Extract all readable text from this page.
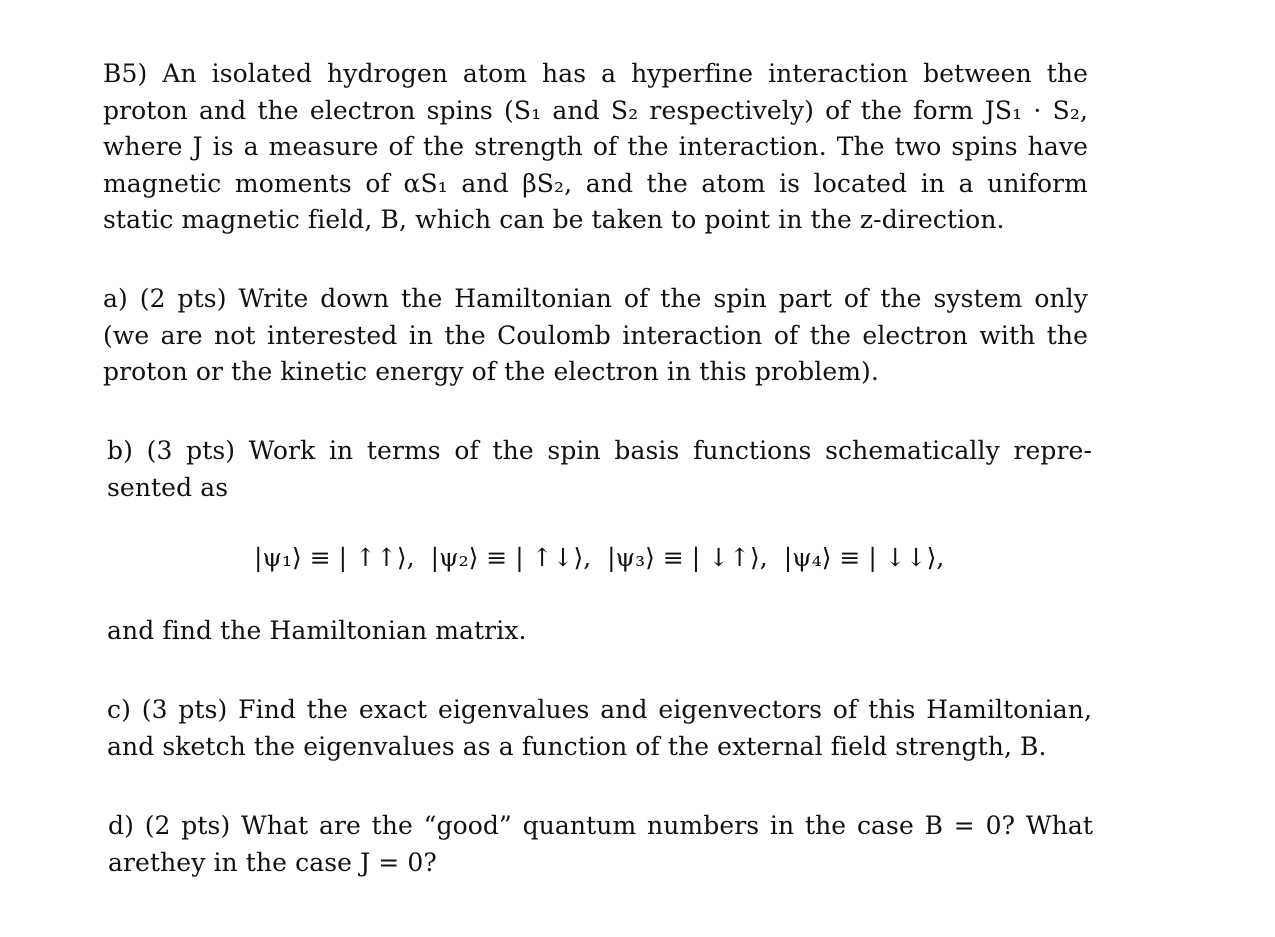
B5) An isolated hydrogen atom has a hyperfine interaction between the
proton and the electron spins (S₁ and S₂ respectively) of the form JS₁ · S₂,
where J is a measure of the strength of the interaction. The two spins have
magnetic moments of αS₁ and βS₂, and the atom is located in a uniform
static magnetic field, B, which can be taken to point in the z-direction.
a) (2 pts) Write down the Hamiltonian of the spin part of the system only
(we are not interested in the Coulomb interaction of the electron with the
proton or the kinetic energy of the electron in this problem).
b) (3 pts) Work in terms of the spin basis functions schematically repre-
sented as
|ψ₁⟩ ≡ | ↑↑⟩, |ψ₂⟩ ≡ | ↑↓⟩, |ψ₃⟩ ≡ | ↓↑⟩, |ψ₄⟩ ≡ | ↓↓⟩,
and find the Hamiltonian matrix.
c) (3 pts) Find the exact eigenvalues and eigenvectors of this Hamiltonian,
and sketch the eigenvalues as a function of the external field strength, B.
d) (2 pts) What are the “good” quantum numbers in the case B = 0? What
arethey in the case J = 0?
